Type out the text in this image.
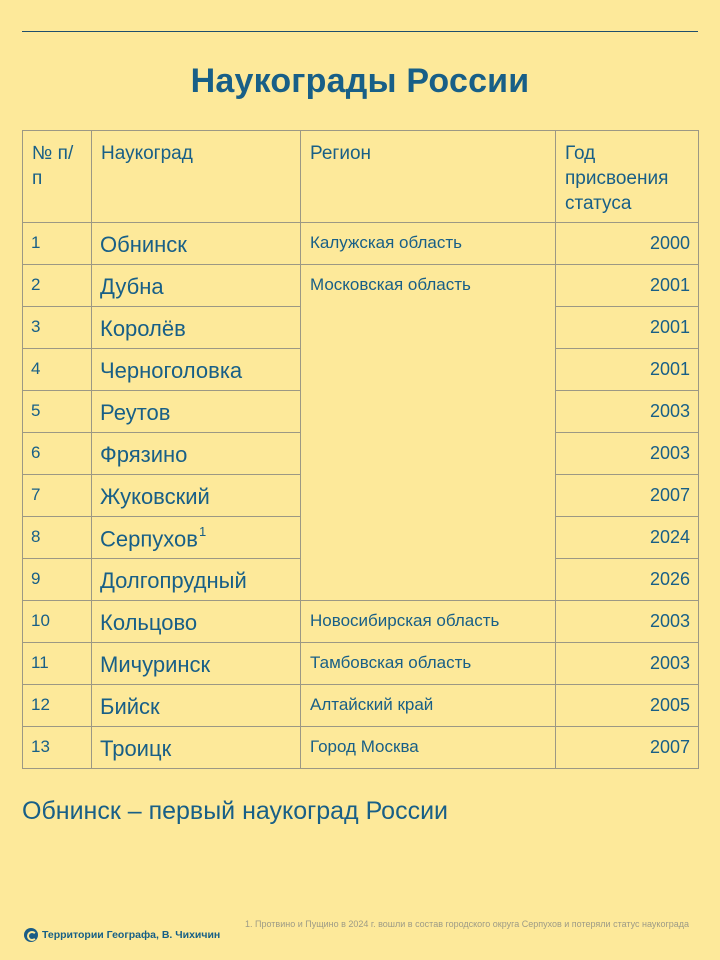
Наукограды России
№ п/п	Наукоград	Регион	Год присвоения статуса
1	Обнинск	Калужская область	2000
2	Дубна	Московская область	2001
3	Королёв		2001
4	Черноголовка		2001
5	Реутов		2003
6	Фрязино		2003
7	Жуковский		2007
8	Серпухов$^1$		2024
9	Долгопрудный		2026
10	Кольцово	Новосибирская область	2003
11	Мичуринск	Тамбовская область	2003
12	Бийск	Алтайский край	2005
13	Троицк	Город Москва	2007
Обнинск – первый наукоград России
1. Протвино и Пущино в 2024 г. вошли в состав городского округа Серпухов и потеряли статус наукограда
Территории Географа, В. Чихичин
